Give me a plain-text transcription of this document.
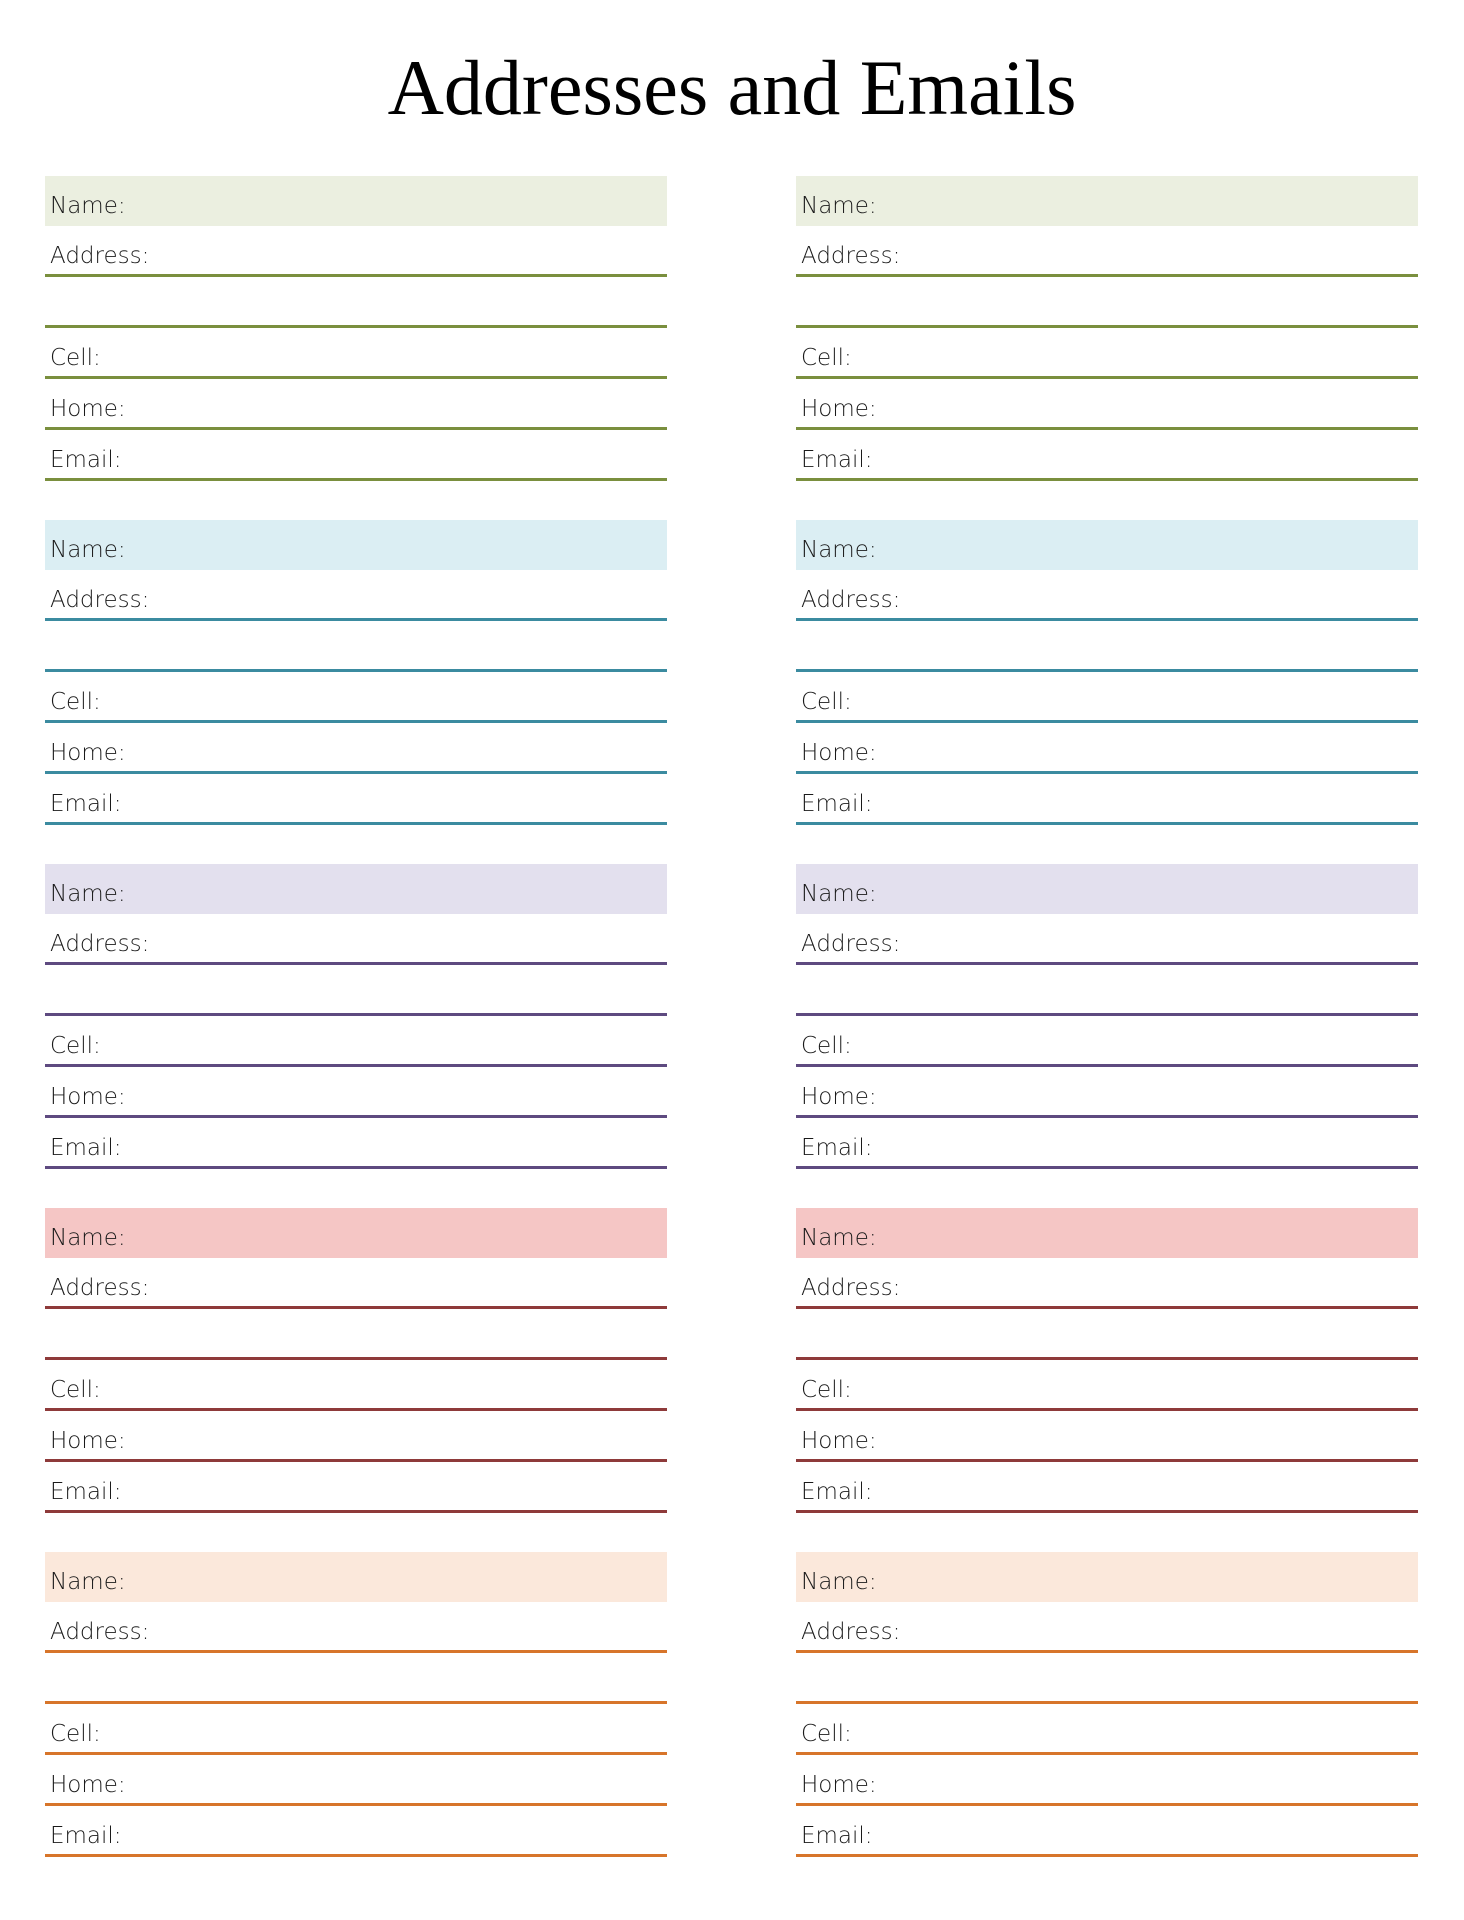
Addresses and Emails
Name:
Address:
Cell:
Home:
Email:
Name:
Address:
Cell:
Home:
Email:
Name:
Address:
Cell:
Home:
Email:
Name:
Address:
Cell:
Home:
Email:
Name:
Address:
Cell:
Home:
Email:
Name:
Address:
Cell:
Home:
Email:
Name:
Address:
Cell:
Home:
Email:
Name:
Address:
Cell:
Home:
Email:
Name:
Address:
Cell:
Home:
Email:
Name:
Address:
Cell:
Home:
Email:
